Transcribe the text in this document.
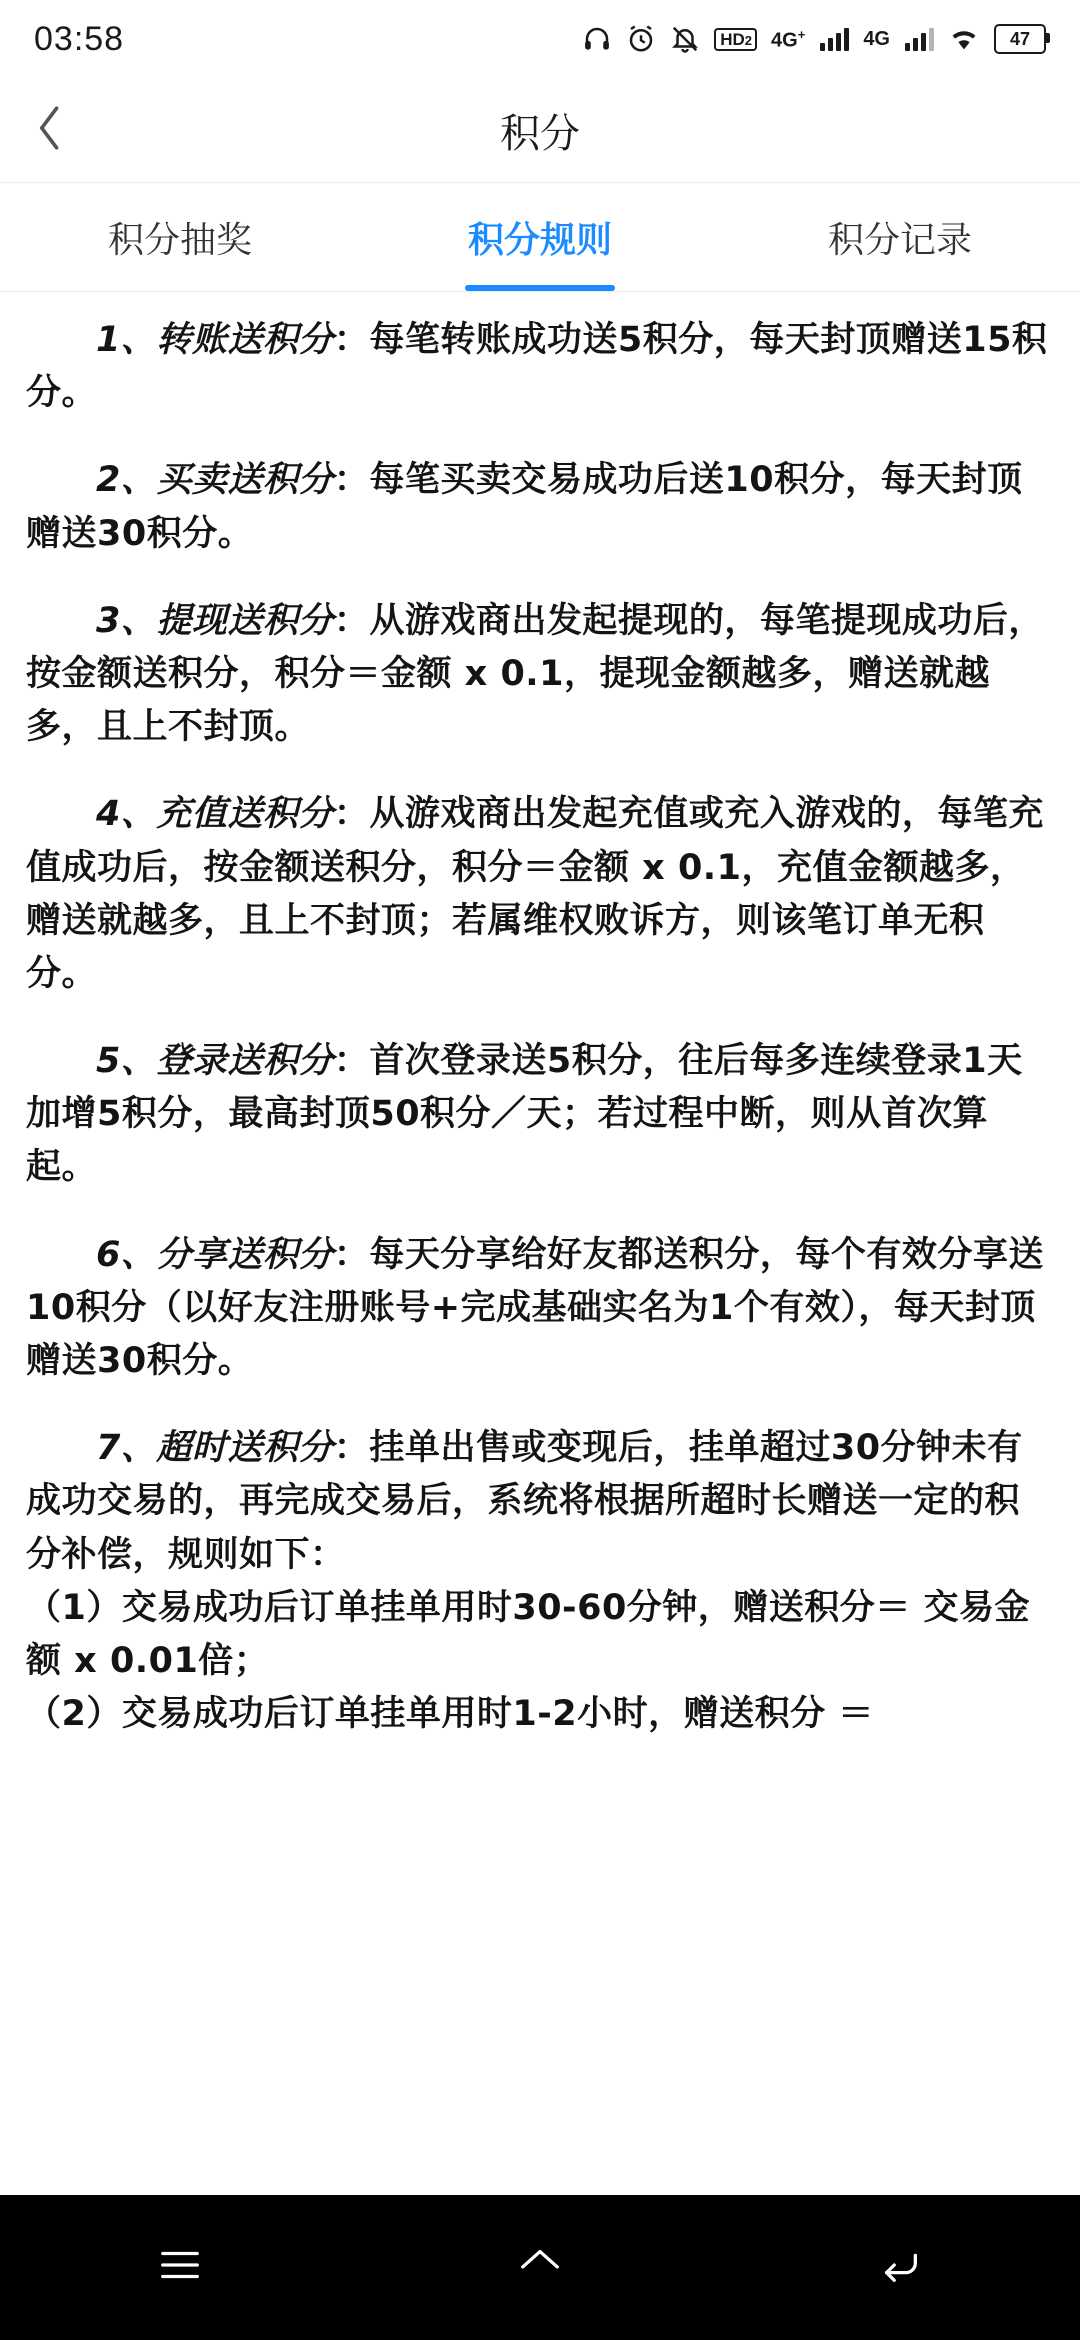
03:58	HD2 4G+	4G	47
积分
积分抽奖	积分规则	积分记录

1、转账送积分：每笔转账成功送5积分，每天封顶赠送15积分。

2、买卖送积分：每笔买卖交易成功后送10积分，每天封顶赠送30积分。

3、提现送积分：从游戏商出发起提现的，每笔提现成功后，按金额送积分，积分＝金额 x 0.1，提现金额越多，赠送就越多，且上不封顶。

4、充值送积分：从游戏商出发起充值或充入游戏的，每笔充值成功后，按金额送积分，积分＝金额 x 0.1，充值金额越多，赠送就越多，且上不封顶；若属维权败诉方，则该笔订单无积分。

5、登录送积分：首次登录送5积分，往后每多连续登录1天加增5积分，最高封顶50积分／天；若过程中断，则从首次算起。

6、分享送积分：每天分享给好友都送积分，每个有效分享送10积分（以好友注册账号+完成基础实名为1个有效），每天封顶赠送30积分。

7、超时送积分：挂单出售或变现后，挂单超过30分钟未有成功交易的，再完成交易后，系统将根据所超时长赠送一定的积分补偿，规则如下：

（1）交易成功后订单挂单用时30-60分钟，赠送积分＝ 交易金额 x 0.01倍；

（2）交易成功后订单挂单用时1-2小时，赠送积分 ＝
